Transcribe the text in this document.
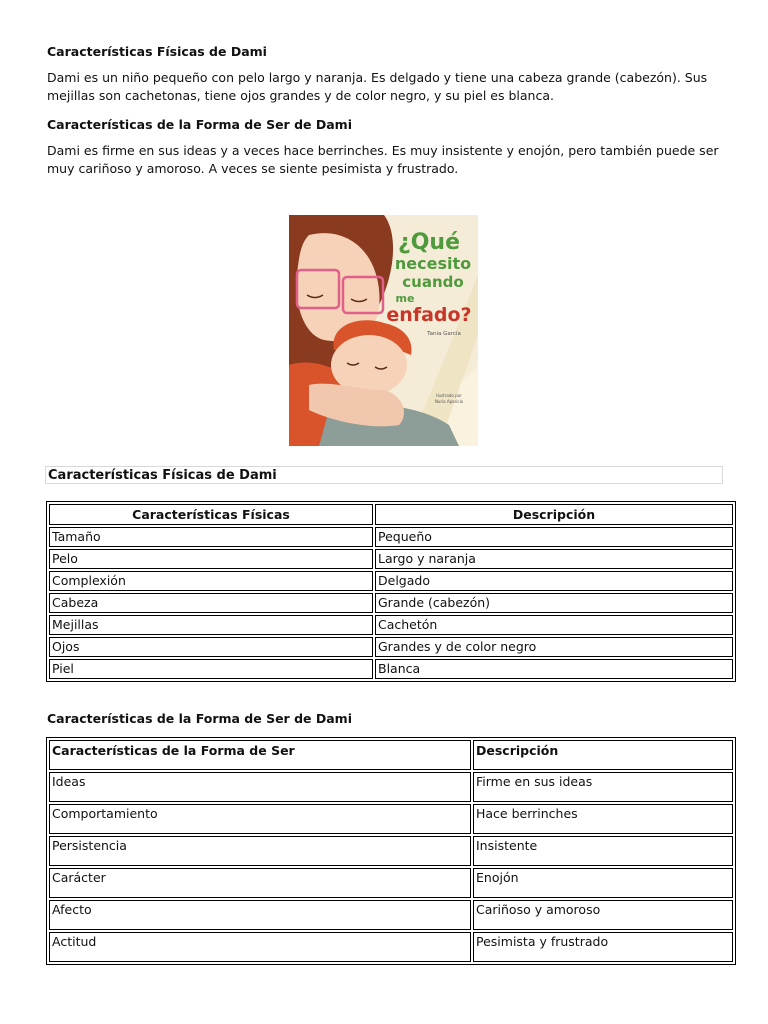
Características Físicas de Dami

Dami es un niño pequeño con pelo largo y naranja. Es delgado y tiene una cabeza grande (cabezón). Sus mejillas son cachetonas, tiene ojos grandes y de color negro, y su piel es blanca.

Características de la Forma de Ser de Dami

Dami es firme en sus ideas y a veces hace berrinches. Es muy insistente y enojón, pero también puede ser muy cariñoso y amoroso. A veces se siente pesimista y frustrado.

¿Qué
necesito
cuando
me
enfado?
Tania García
Ilustrado por
Nuria Aparicio
Características Físicas de Dami
Características Físicas	Descripción
Tamaño	Pequeño
Pelo	Largo y naranja
Complexión	Delgado
Cabeza	Grande (cabezón)
Mejillas	Cachetón
Ojos	Grandes y de color negro
Piel	Blanca

Características de la Forma de Ser de Dami

Características de la Forma de Ser	Descripción
Ideas	Firme en sus ideas
Comportamiento	Hace berrinches
Persistencia	Insistente
Carácter	Enojón
Afecto	Cariñoso y amoroso
Actitud	Pesimista y frustrado
